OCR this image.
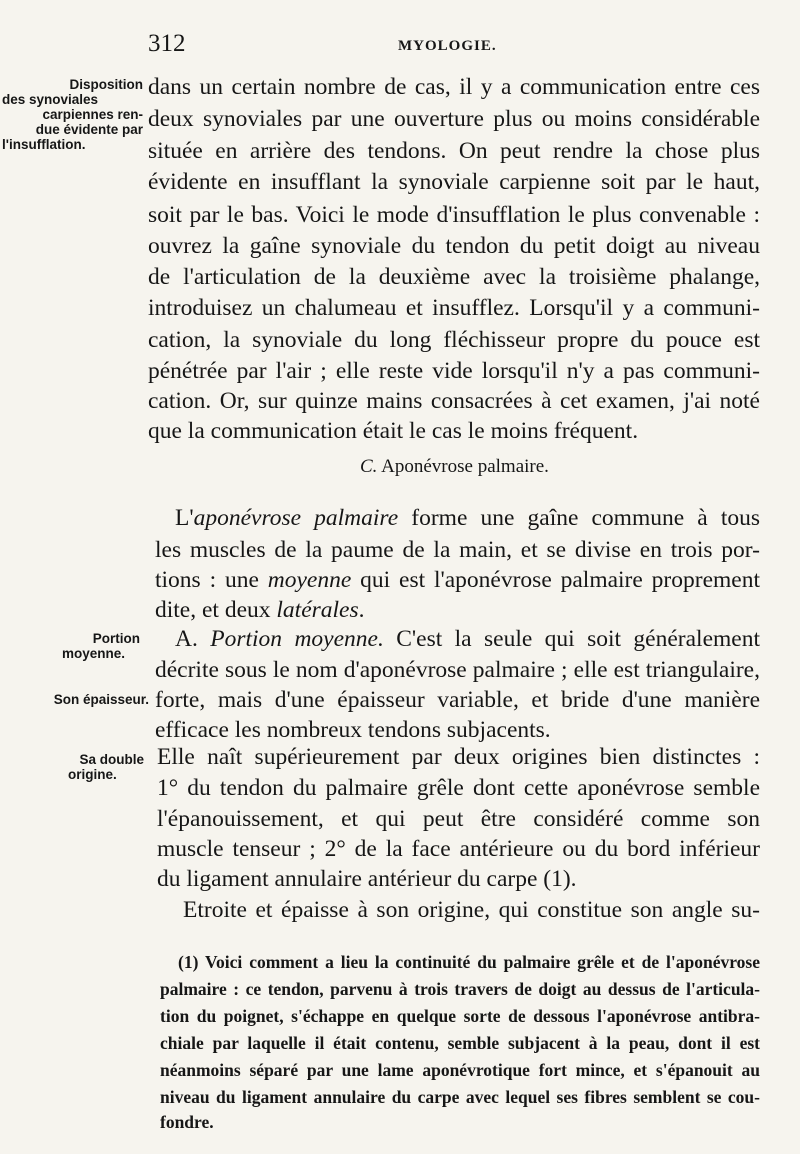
312	MYOLOGIE.
Disposition
des synoviales
carpiennes ren-
due évidente par
l'insufflation.
Portion
moyenne.
Son épaisseur.
Sa double
origine.
dans un certain nombre de cas, il y a communication entre ces
deux synoviales par une ouverture plus ou moins considérable
située en arrière des tendons. On peut rendre la chose plus
évidente en insufflant la synoviale carpienne soit par le haut,
soit par le bas. Voici le mode d'insufflation le plus convenable :
ouvrez la gaîne synoviale du tendon du petit doigt au niveau
de l'articulation de la deuxième avec la troisième phalange,
introduisez un chalumeau et insufflez. Lorsqu'il y a communi-
cation, la synoviale du long fléchisseur propre du pouce est
pénétrée par l'air ; elle reste vide lorsqu'il n'y a pas communi-
cation. Or, sur quinze mains consacrées à cet examen, j'ai noté
que la communication était le cas le moins fréquent.
C. Aponévrose palmaire.
L'aponévrose palmaire forme une gaîne commune à tous
les muscles de la paume de la main, et se divise en trois por-
tions : une moyenne qui est l'aponévrose palmaire proprement
dite, et deux latérales.
A. Portion moyenne. C'est la seule qui soit généralement
décrite sous le nom d'aponévrose palmaire ; elle est triangulaire,
forte, mais d'une épaisseur variable, et bride d'une manière
efficace les nombreux tendons subjacents.
Elle naît supérieurement par deux origines bien distinctes :
1° du tendon du palmaire grêle dont cette aponévrose semble
l'épanouissement, et qui peut être considéré comme son
muscle tenseur ; 2° de la face antérieure ou du bord inférieur
du ligament annulaire antérieur du carpe (1).
Etroite et épaisse à son origine, qui constitue son angle su-
(1) Voici comment a lieu la continuité du palmaire grêle et de l'aponévrose
palmaire : ce tendon, parvenu à trois travers de doigt au dessus de l'articula-
tion du poignet, s'échappe en quelque sorte de dessous l'aponévrose antibra-
chiale par laquelle il était contenu, semble subjacent à la peau, dont il est
néanmoins séparé par une lame aponévrotique fort mince, et s'épanouit au
niveau du ligament annulaire du carpe avec lequel ses fibres semblent se cou-
fondre.
